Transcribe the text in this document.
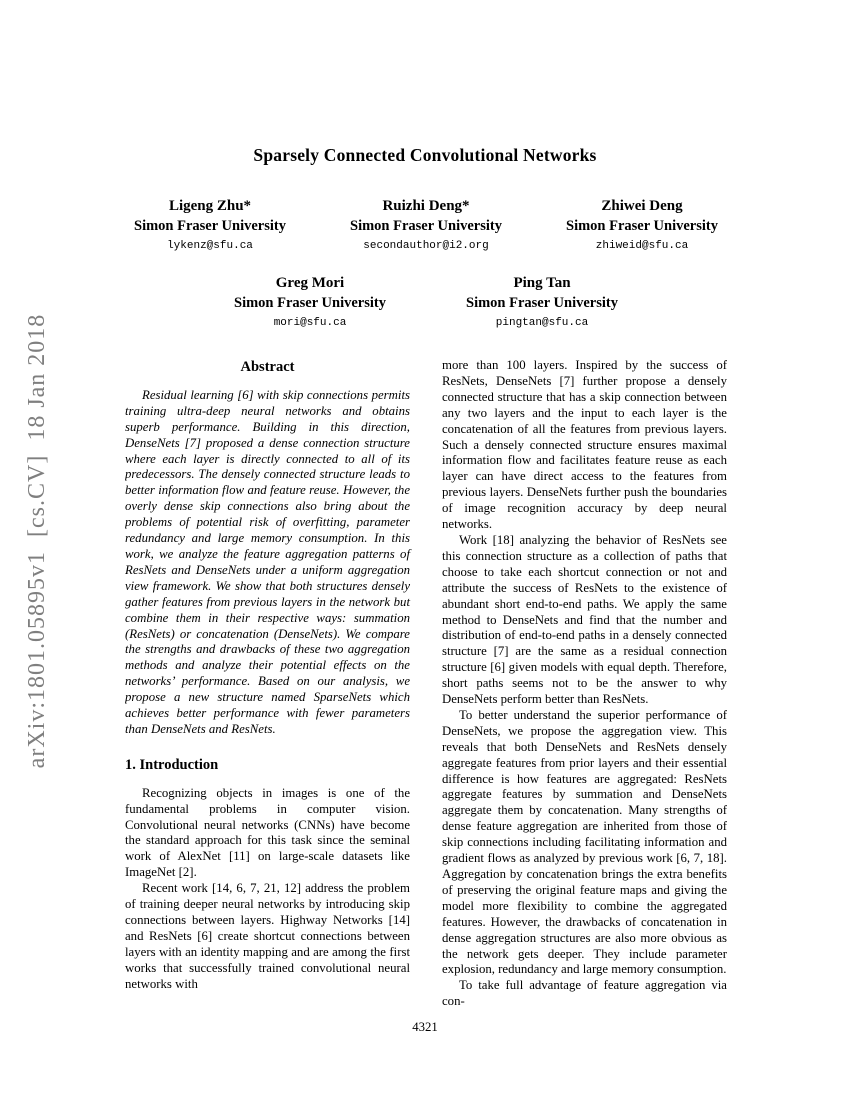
arXiv:1801.05895v1  [cs.CV]  18 Jan 2018
Sparsely Connected Convolutional Networks
Ligeng Zhu*
Simon Fraser University
lykenz@sfu.ca
Ruizhi Deng*
Simon Fraser University
secondauthor@i2.org
Zhiwei Deng
Simon Fraser University
zhiweid@sfu.ca
Greg Mori
Simon Fraser University
mori@sfu.ca
Ping Tan
Simon Fraser University
pingtan@sfu.ca
Abstract

Residual learning [6] with skip connections permits training ultra-deep neural networks and obtains superb performance. Building in this direction, DenseNets [7] proposed a dense connection structure where each layer is directly connected to all of its predecessors. The densely connected structure leads to better information flow and feature reuse. However, the overly dense skip connections also bring about the problems of potential risk of overfitting, parameter redundancy and large memory consumption. In this work, we analyze the feature aggregation patterns of ResNets and DenseNets under a uniform aggregation view framework. We show that both structures densely gather features from previous layers in the network but combine them in their respective ways: summation (ResNets) or concatenation (DenseNets). We compare the strengths and drawbacks of these two aggregation methods and analyze their potential effects on the networks’ performance. Based on our analysis, we propose a new structure named SparseNets which achieves better performance with fewer parameters than DenseNets and ResNets.

1. Introduction

Recognizing objects in images is one of the fundamental problems in computer vision. Convolutional neural networks (CNNs) have become the standard approach for this task since the seminal work of AlexNet [11] on large-scale datasets like ImageNet [2].

Recent work [14, 6, 7, 21, 12] address the problem of training deeper neural networks by introducing skip connections between layers. Highway Networks [14] and ResNets [6] create shortcut connections between layers with an identity mapping and are among the first works that successfully trained convolutional neural networks with

more than 100 layers. Inspired by the success of ResNets, DenseNets [7] further propose a densely connected structure that has a skip connection between any two layers and the input to each layer is the concatenation of all the features from previous layers. Such a densely connected structure ensures maximal information flow and facilitates feature reuse as each layer can have direct access to the features from previous layers. DenseNets further push the boundaries of image recognition accuracy by deep neural networks.

Work [18] analyzing the behavior of ResNets see this connection structure as a collection of paths that choose to take each shortcut connection or not and attribute the success of ResNets to the existence of abundant short end-to-end paths. We apply the same method to DenseNets and find that the number and distribution of end-to-end paths in a densely connected structure [7] are the same as a residual connection structure [6] given models with equal depth. Therefore, short paths seems not to be the answer to why DenseNets perform better than ResNets.

To better understand the superior performance of DenseNets, we propose the aggregation view. This reveals that both DenseNets and ResNets densely aggregate features from prior layers and their essential difference is how features are aggregated: ResNets aggregate features by summation and DenseNets aggregate them by concatenation. Many strengths of dense feature aggregation are inherited from those of skip connections including facilitating information and gradient flows as analyzed by previous work [6, 7, 18]. Aggregation by concatenation brings the extra benefits of preserving the original feature maps and giving the model more flexibility to combine the aggregated features. However, the drawbacks of concatenation in dense aggregation structures are also more obvious as the network gets deeper. They include parameter explosion, redundancy and large memory consumption.

To take full advantage of feature aggregation via con-

4321
